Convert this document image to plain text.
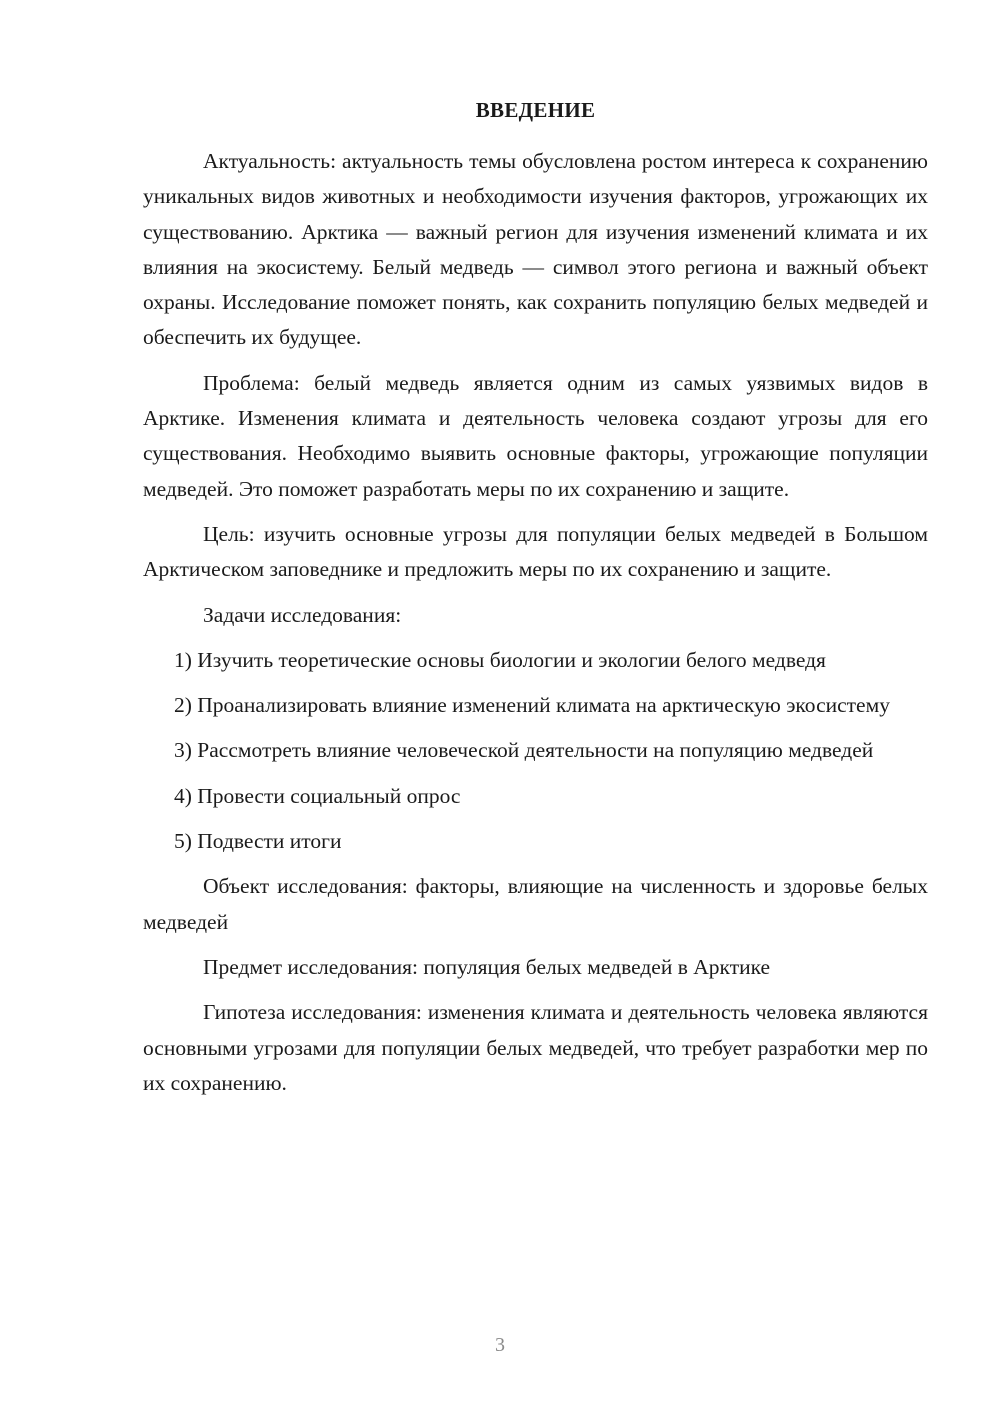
ВВЕДЕНИЕ

Актуальность: актуальность темы обусловлена ростом интереса к сохранению уникальных видов животных и необходимости изучения факторов, угрожающих их существованию. Арктика — важный регион для изучения изменений климата и их влияния на экосистему. Белый медведь — символ этого региона и важный объект охраны. Исследование поможет понять, как сохранить популяцию белых медведей и обеспечить их будущее.

Проблема: белый медведь является одним из самых уязвимых видов в Арктике. Изменения климата и деятельность человека создают угрозы для его существования. Необходимо выявить основные факторы, угрожающие популяции медведей. Это поможет разработать меры по их сохранению и защите.

Цель: изучить основные угрозы для популяции белых медведей в Большом Арктическом заповеднике и предложить меры по их сохранению и защите.

Задачи исследования:

1) Изучить теоретические основы биологии и экологии белого медведя

2) Проанализировать влияние изменений климата на арктическую экосистему

3) Рассмотреть влияние человеческой деятельности на популяцию медведей

4) Провести социальный опрос

5) Подвести итоги

Объект исследования: факторы, влияющие на численность и здоровье белых медведей

Предмет исследования: популяция белых медведей в Арктике

Гипотеза исследования: изменения климата и деятельность человека являются основными угрозами для популяции белых медведей, что требует разработки мер по их сохранению.

3
